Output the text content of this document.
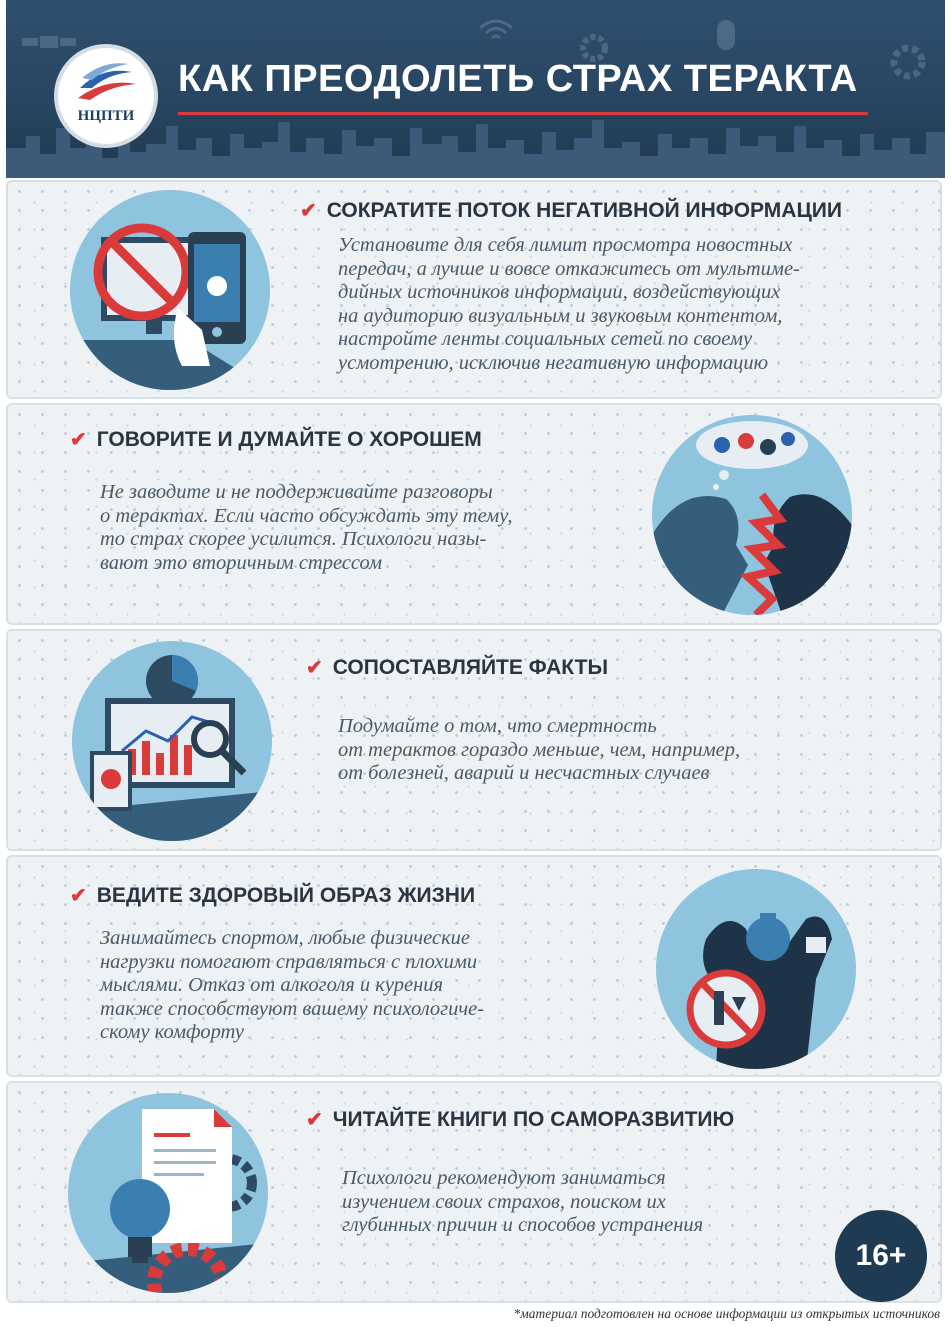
НЦПТИ
КАК ПРЕОДОЛЕТЬ СТРАХ ТЕРАКТА
✔ СОКРАТИТЕ ПОТОК НЕГАТИВНОЙ ИНФОРМАЦИИ
Установите для себя лимит просмотра новостных
передач, а лучше и вовсе откажитесь от мультиме-
дийных источников информации, воздействующих
на аудиторию визуальным и звуковым контентом,
настройте ленты социальных сетей по своему
усмотрению, исключив негативную информацию
✔ ГОВОРИТЕ И ДУМАЙТЕ О ХОРОШЕМ
Не заводите и не поддерживайте разговоры
о терактах. Если часто обсуждать эту тему,
то страх скорее усилится. Психологи назы-
вают это вторичным стрессом
✔ СОПОСТАВЛЯЙТЕ ФАКТЫ
Подумайте о том, что смертность
от терактов гораздо меньше, чем, например,
от болезней, аварий и несчастных случаев
✔ ВЕДИТЕ ЗДОРОВЫЙ ОБРАЗ ЖИЗНИ
Занимайтесь спортом, любые физические
нагрузки помогают справляться с плохими
мыслями. Отказ от алкоголя и курения
также способствуют вашему психологиче-
скому комфорту
✔ ЧИТАЙТЕ КНИГИ ПО САМОРАЗВИТИЮ
Психологи рекомендуют заниматься
изучением своих страхов, поиском их
глубинных причин и способов устранения
16+
*материал подготовлен на основе информации из открытых источников
